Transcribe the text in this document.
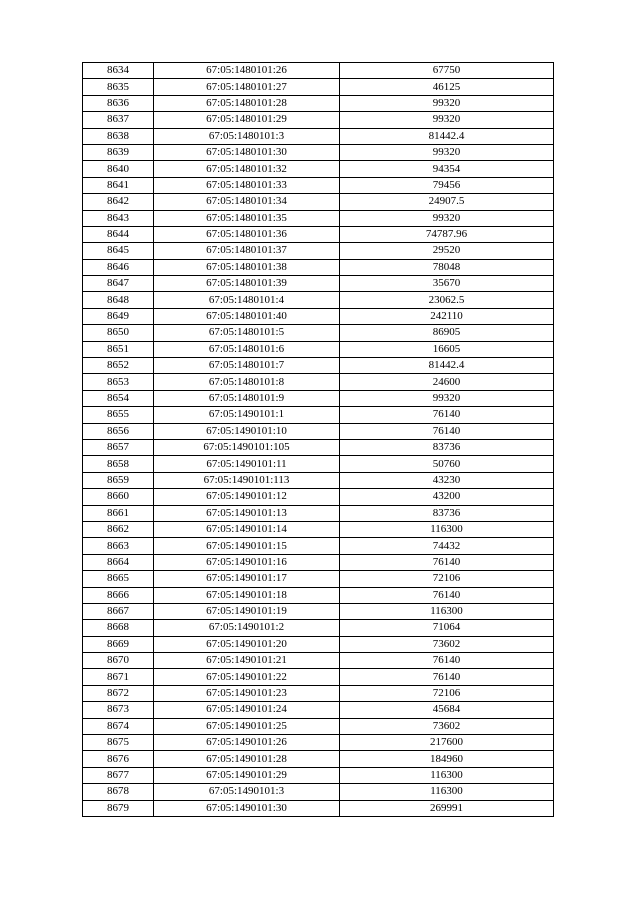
8634	67:05:1480101:26	67750
8635	67:05:1480101:27	46125
8636	67:05:1480101:28	99320
8637	67:05:1480101:29	99320
8638	67:05:1480101:3	81442.4
8639	67:05:1480101:30	99320
8640	67:05:1480101:32	94354
8641	67:05:1480101:33	79456
8642	67:05:1480101:34	24907.5
8643	67:05:1480101:35	99320
8644	67:05:1480101:36	74787.96
8645	67:05:1480101:37	29520
8646	67:05:1480101:38	78048
8647	67:05:1480101:39	35670
8648	67:05:1480101:4	23062.5
8649	67:05:1480101:40	242110
8650	67:05:1480101:5	86905
8651	67:05:1480101:6	16605
8652	67:05:1480101:7	81442.4
8653	67:05:1480101:8	24600
8654	67:05:1480101:9	99320
8655	67:05:1490101:1	76140
8656	67:05:1490101:10	76140
8657	67:05:1490101:105	83736
8658	67:05:1490101:11	50760
8659	67:05:1490101:113	43230
8660	67:05:1490101:12	43200
8661	67:05:1490101:13	83736
8662	67:05:1490101:14	116300
8663	67:05:1490101:15	74432
8664	67:05:1490101:16	76140
8665	67:05:1490101:17	72106
8666	67:05:1490101:18	76140
8667	67:05:1490101:19	116300
8668	67:05:1490101:2	71064
8669	67:05:1490101:20	73602
8670	67:05:1490101:21	76140
8671	67:05:1490101:22	76140
8672	67:05:1490101:23	72106
8673	67:05:1490101:24	45684
8674	67:05:1490101:25	73602
8675	67:05:1490101:26	217600
8676	67:05:1490101:28	184960
8677	67:05:1490101:29	116300
8678	67:05:1490101:3	116300
8679	67:05:1490101:30	269991
